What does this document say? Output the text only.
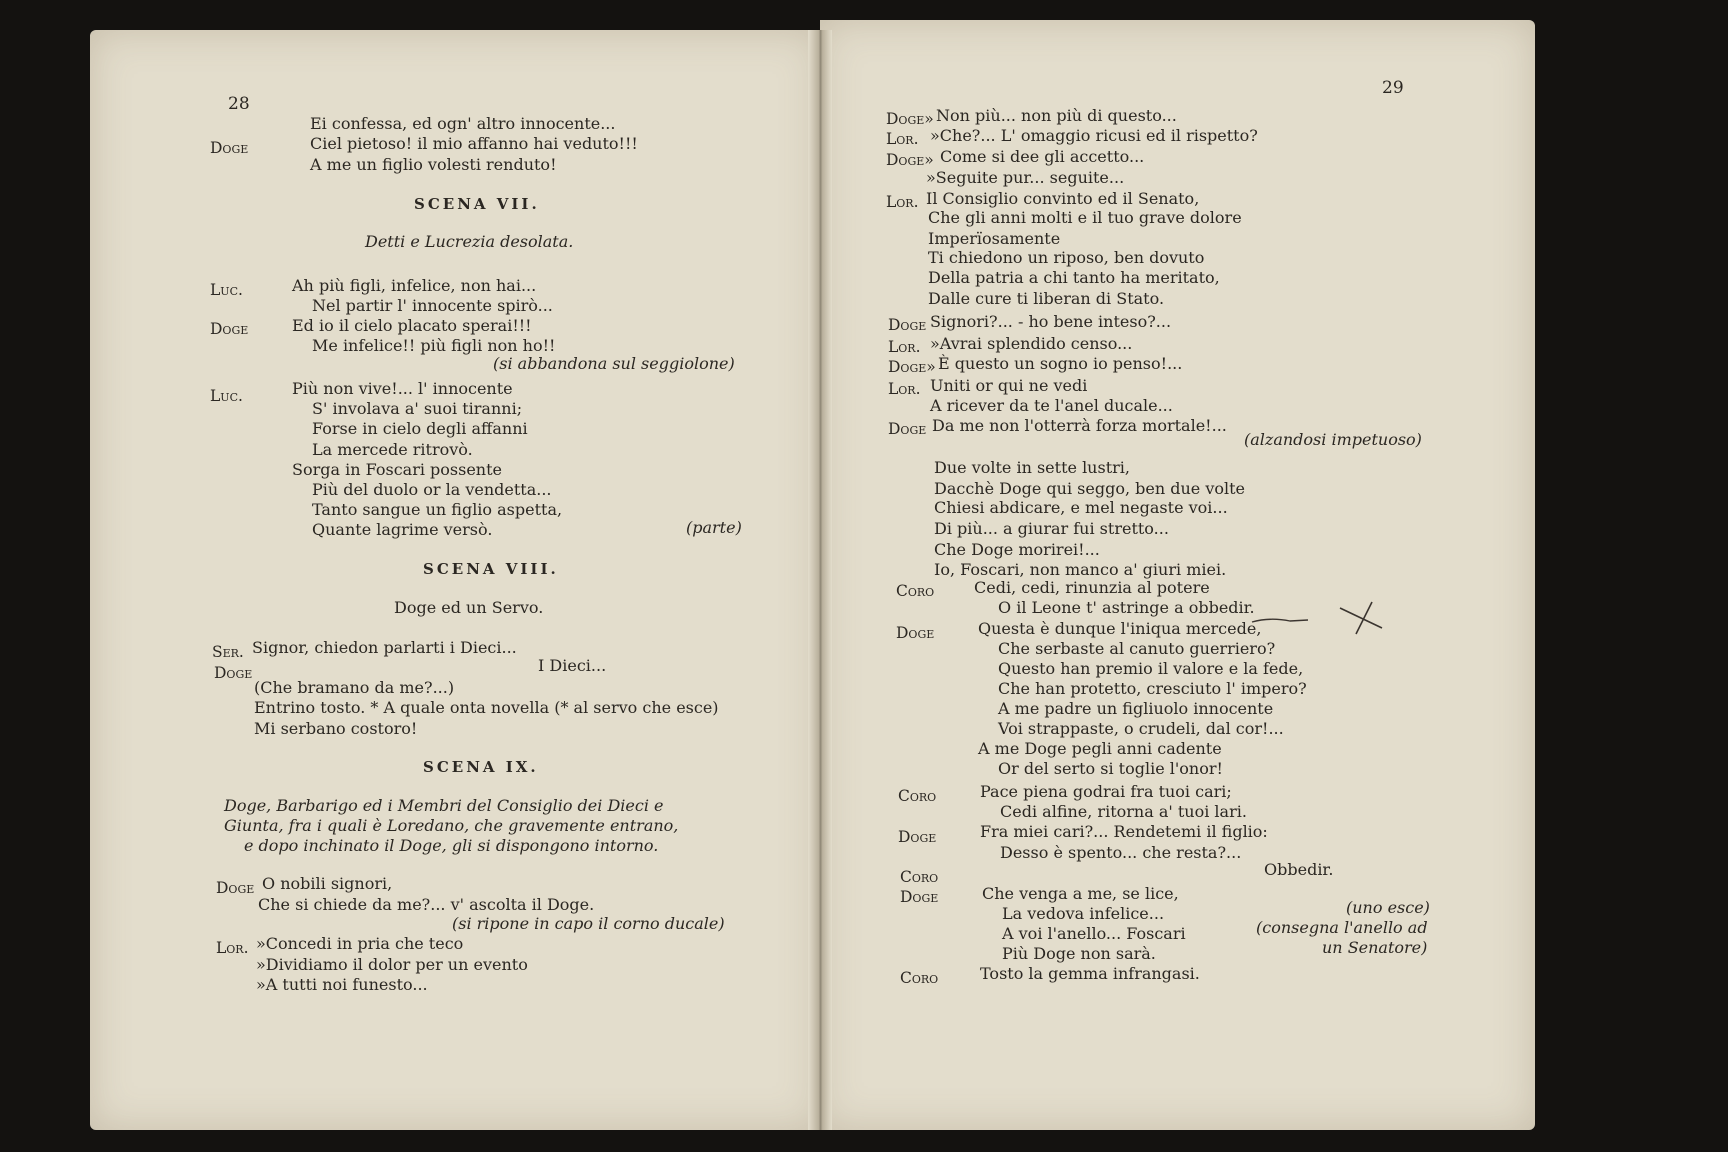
28
Ei confessa, ed ogn' altro innocente...
Doge	Ciel pietoso! il mio affanno hai veduto!!!
A me un figlio volesti renduto!
SCENA VII.
Detti e Lucrezia desolata.
Luc.	Ah più figli, infelice, non hai...
Nel partir l' innocente spirò...
Doge	Ed io il cielo placato sperai!!!
Me infelice!! più figli non ho!!
(si abbandona sul seggiolone)
Luc.	Più non vive!... l' innocente
S' involava a' suoi tiranni;
Forse in cielo degli affanni
La mercede ritrovò.
Sorga in Foscari possente
Più del duolo or la vendetta...
Tanto sangue un figlio aspetta,
Quante lagrime versò.	(parte)
SCENA VIII.
Doge ed un Servo.
Ser. Signor, chiedon parlarti i Dieci...
Doge	I Dieci...
(Che bramano da me?...)
Entrino tosto. * A quale onta novella (* al servo che esce)
Mi serbano costoro!
SCENA IX.
Doge, Barbarigo ed i Membri del Consiglio dei Dieci e
Giunta, fra i quali è Loredano, che gravemente entrano,
e dopo inchinato il Doge, gli si dispongono intorno.
Doge O nobili signori,
Che si chiede da me?... v' ascolta il Doge.
(si ripone in capo il corno ducale)
Lor. »Concedi in pria che teco
»Dividiamo il dolor per un evento
»A tutti noi funesto...
29
Doge» Non più... non più di questo...
Lor. »Che?... L' omaggio ricusi ed il rispetto?
Doge» Come si dee gli accetto...
»Seguite pur... seguite...
Lor. Il Consiglio convinto ed il Senato,
Che gli anni molti e il tuo grave dolore
Imperïosamente
Ti chiedono un riposo, ben dovuto
Della patria a chi tanto ha meritato,
Dalle cure ti liberan di Stato.
Doge Signori?... - ho bene inteso?...
Lor. »Avrai splendido censo...
Doge» È questo un sogno io penso!...
Lor. Uniti or qui ne vedi
A ricever da te l'anel ducale...
Doge Da me non l'otterrà forza mortale!...
(alzandosi impetuoso)
Due volte in sette lustri,
Dacchè Doge qui seggo, ben due volte
Chiesi abdicare, e mel negaste voi...
Di più... a giurar fui stretto...
Che Doge morirei!...
Io, Foscari, non manco a' giuri miei.
Coro Cedi, cedi, rinunzia al potere
O il Leone t' astringe a obbedir.
Doge	Questa è dunque l'iniqua mercede,
Che serbaste al canuto guerriero?
Questo han premio il valore e la fede,
Che han protetto, cresciuto l' impero?
A me padre un figliuolo innocente
Voi strappaste, o crudeli, dal cor!...
A me Doge pegli anni cadente
Or del serto si toglie l'onor!
Coro	Pace piena godrai fra tuoi cari;
Cedi alfine, ritorna a' tuoi lari.
Doge	Fra miei cari?... Rendetemi il figlio:
Desso è spento... che resta?...
Coro	Obbedir.
Doge	Che venga a me, se lice,
La vedova infelice...	(uno esce)
A voi l'anello... Foscari	(consegna l'anello ad
Più Doge non sarà.	un Senatore)
Coro	Tosto la gemma infrangasi.
